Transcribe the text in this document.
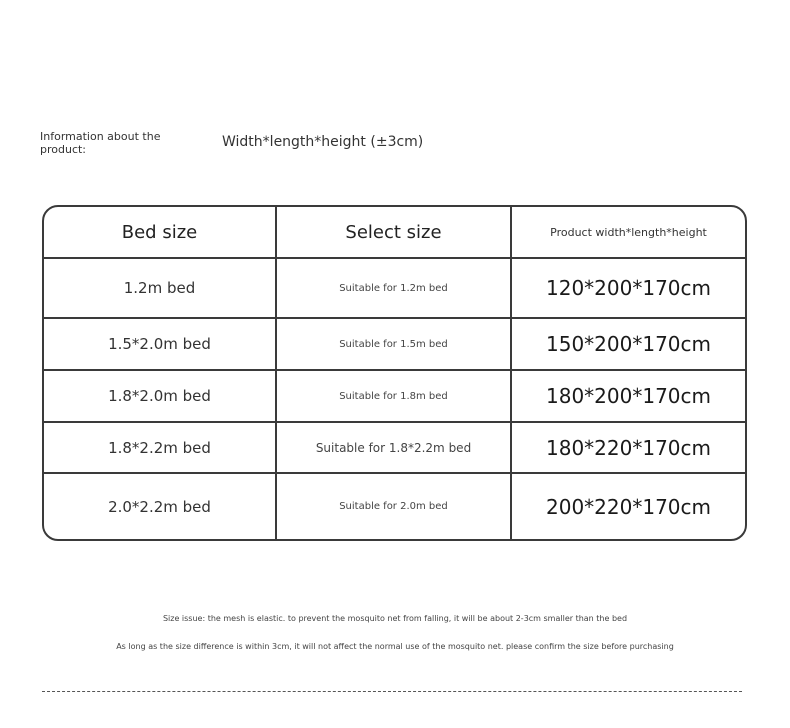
Information about the product:	Width*length*height (±3cm)
Bed size	Select size	Product width*length*height
1.2m bed	Suitable for 1.2m bed	120*200*170cm
1.5*2.0m bed	Suitable for 1.5m bed	150*200*170cm
1.8*2.0m bed	Suitable for 1.8m bed	180*200*170cm
1.8*2.2m bed	Suitable for 1.8*2.2m bed	180*220*170cm
2.0*2.2m bed	Suitable for 2.0m bed	200*220*170cm
Size issue: the mesh is elastic. to prevent the mosquito net from falling, it will be about 2-3cm smaller than the bed
As long as the size difference is within 3cm, it will not affect the normal use of the mosquito net. please confirm the size before purchasing
